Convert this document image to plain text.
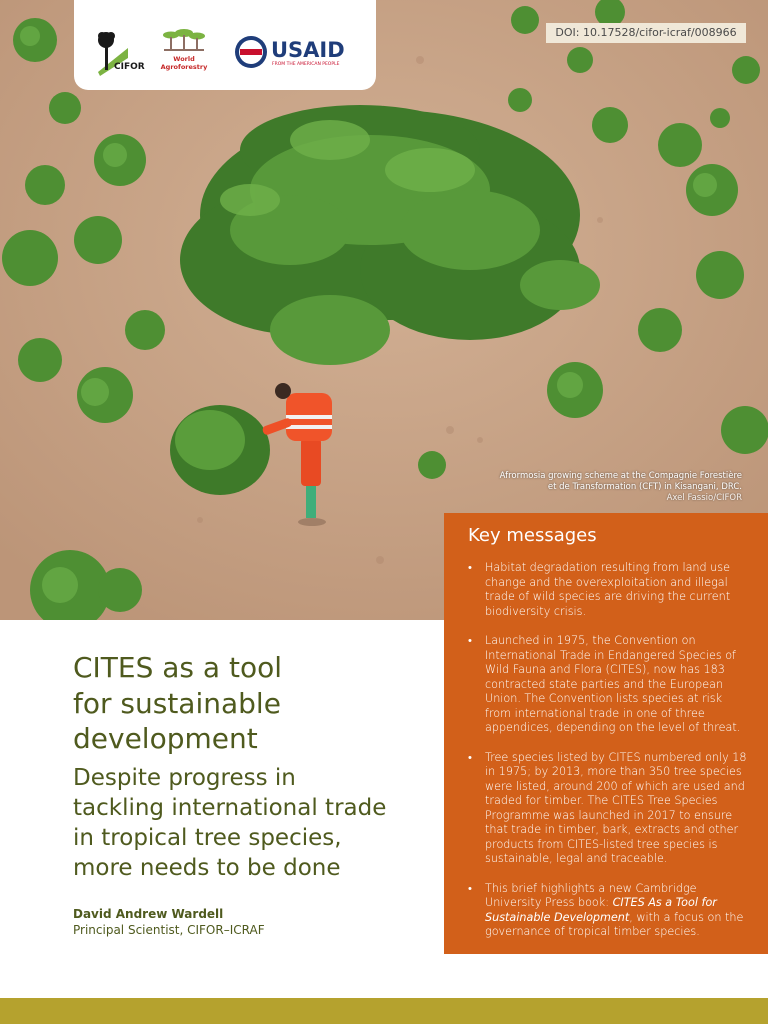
CIFOR
World
Agroforestry
USAID
FROM THE AMERICAN PEOPLE
DOI: 10.17528/cifor-icraf/008966
Afrormosia growing scheme at the Compagnie Forestière
et de Transformation (CFT) in Kisangani, DRC.
Axel Fassio/CIFOR
Key messages
• Habitat degradation resulting from land use change and the overexploitation and illegal trade of wild species are driving the current biodiversity crisis.
• Launched in 1975, the Convention on International Trade in Endangered Species of Wild Fauna and Flora (CITES), now has 183 contracted state parties and the European Union. The Convention lists species at risk from international trade in one of three appendices, depending on the level of threat.
• Tree species listed by CITES numbered only 18 in 1975; by 2013, more than 350 tree species were listed, around 200 of which are used and traded for timber. The CITES Tree Species Programme was launched in 2017 to ensure that trade in timber, bark, extracts and other products from CITES-listed tree species is sustainable, legal and traceable.
• This brief highlights a new Cambridge University Press book: CITES As a Tool for Sustainable Development, with a focus on the governance of tropical timber species.
CITES as a tool
for sustainable
development
Despite progress in
tackling international trade
in tropical tree species,
more needs to be done
David Andrew Wardell
Principal Scientist, CIFOR–ICRAF
